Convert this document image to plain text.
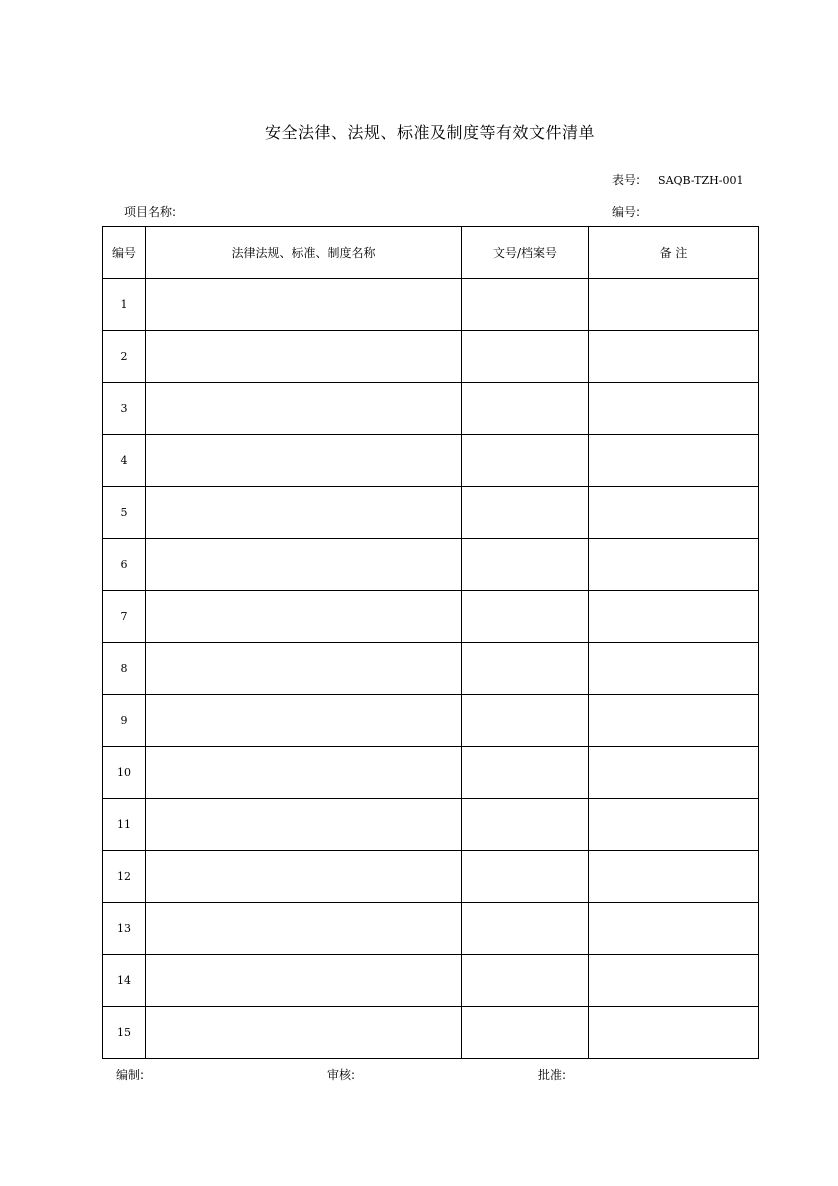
安全法律、法规、标准及制度等有效文件清单
表号: SAQB-TZH-001
项目名称:	编号:
编号	法律法规、标准、制度名称	文号/档案号	备 注
1			
2			
3			
4			
5			
6			
7			
8			
9			
10			
11			
12			
13			
14			
15			
编制:	审核:	批准:
